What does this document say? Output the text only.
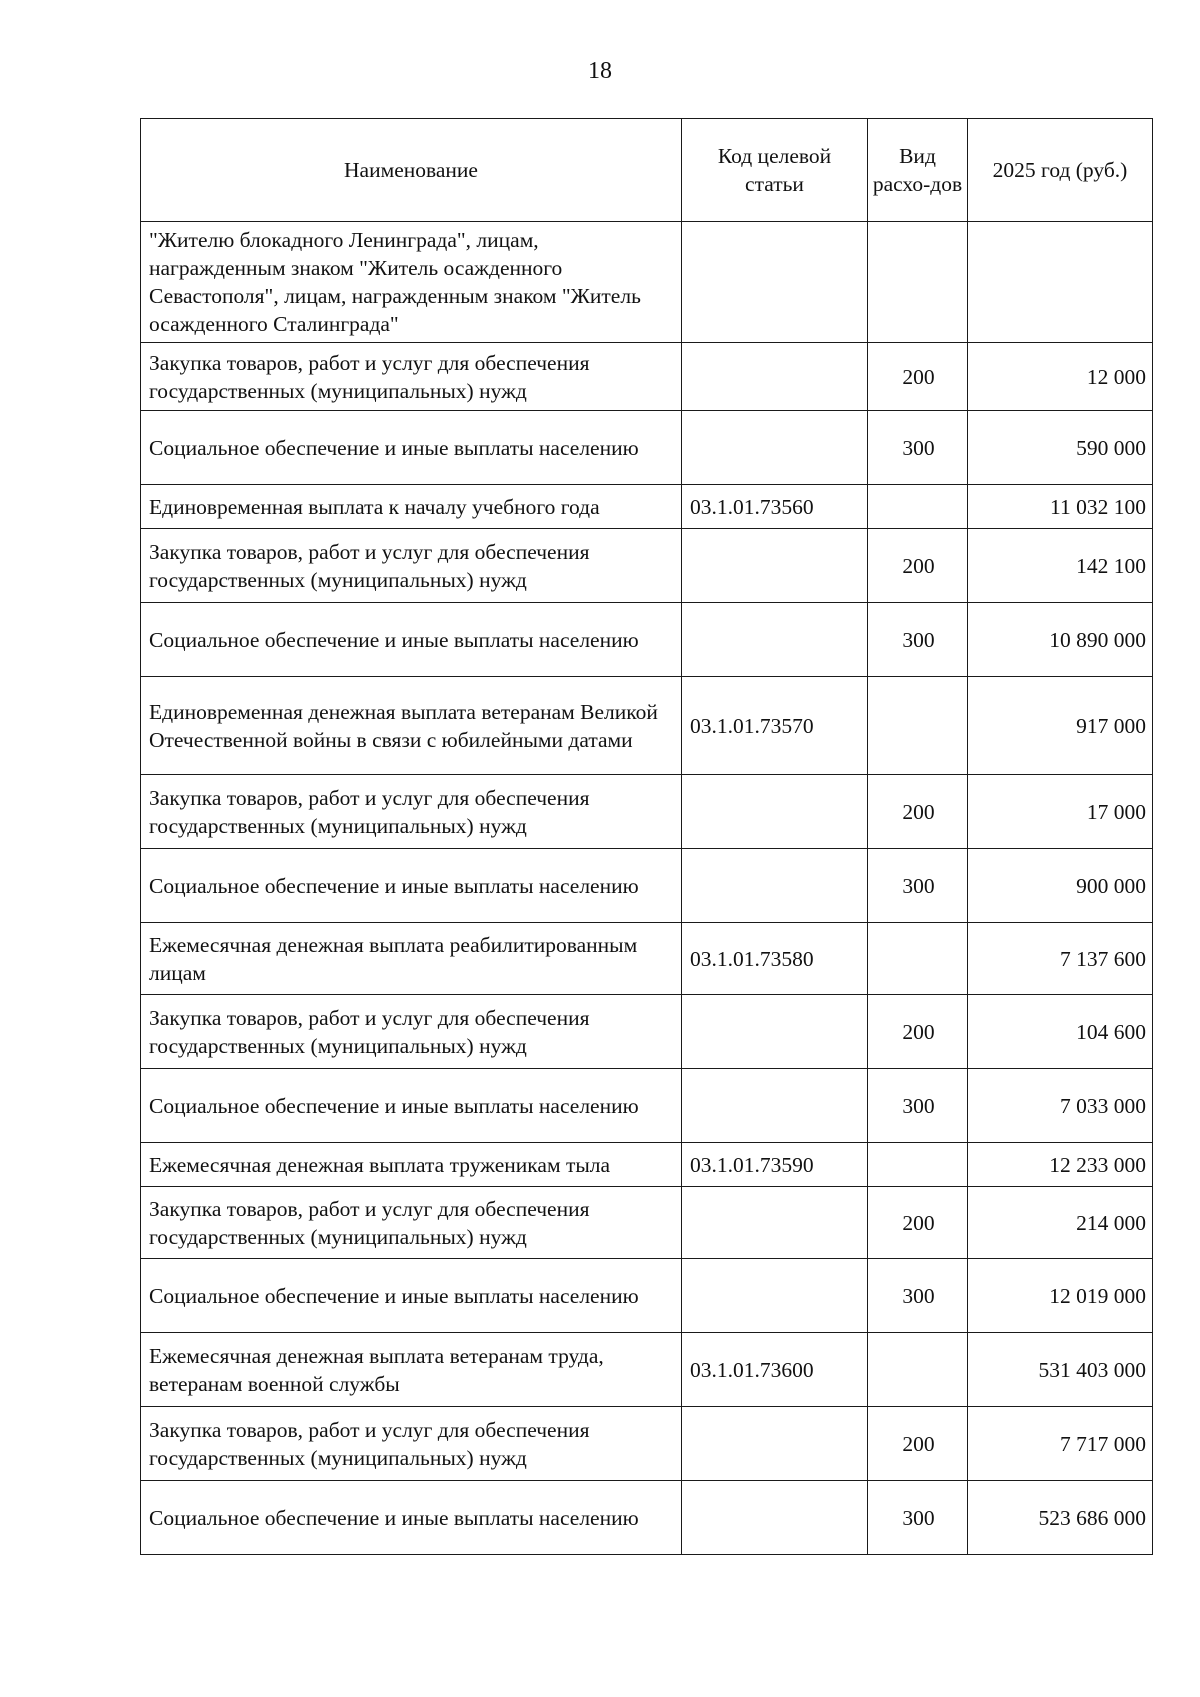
18
Наименование	Код целевой статьи	Вид расхо-дов	2025 год (руб.)
"Жителю блокадного Ленинграда", лицам, награжденным знаком "Житель осажденного Севастополя", лицам, награжденным знаком "Житель осажденного Сталинграда"			
Закупка товаров, работ и услуг для обеспечения государственных (муниципальных) нужд		200	12 000
Социальное обеспечение и иные выплаты населению		300	590 000
Единовременная выплата к началу учебного года	03.1.01.73560		11 032 100
Закупка товаров, работ и услуг для обеспечения государственных (муниципальных) нужд		200	142 100
Социальное обеспечение и иные выплаты населению		300	10 890 000
Единовременная денежная выплата ветеранам Великой Отечественной войны в связи с юбилейными датами	03.1.01.73570		917 000
Закупка товаров, работ и услуг для обеспечения государственных (муниципальных) нужд		200	17 000
Социальное обеспечение и иные выплаты населению		300	900 000
Ежемесячная денежная выплата реабилитированным лицам	03.1.01.73580		7 137 600
Закупка товаров, работ и услуг для обеспечения государственных (муниципальных) нужд		200	104 600
Социальное обеспечение и иные выплаты населению		300	7 033 000
Ежемесячная денежная выплата труженикам тыла	03.1.01.73590		12 233 000
Закупка товаров, работ и услуг для обеспечения государственных (муниципальных) нужд		200	214 000
Социальное обеспечение и иные выплаты населению		300	12 019 000
Ежемесячная денежная выплата ветеранам труда, ветеранам военной службы	03.1.01.73600		531 403 000
Закупка товаров, работ и услуг для обеспечения государственных (муниципальных) нужд		200	7 717 000
Социальное обеспечение и иные выплаты населению		300	523 686 000
